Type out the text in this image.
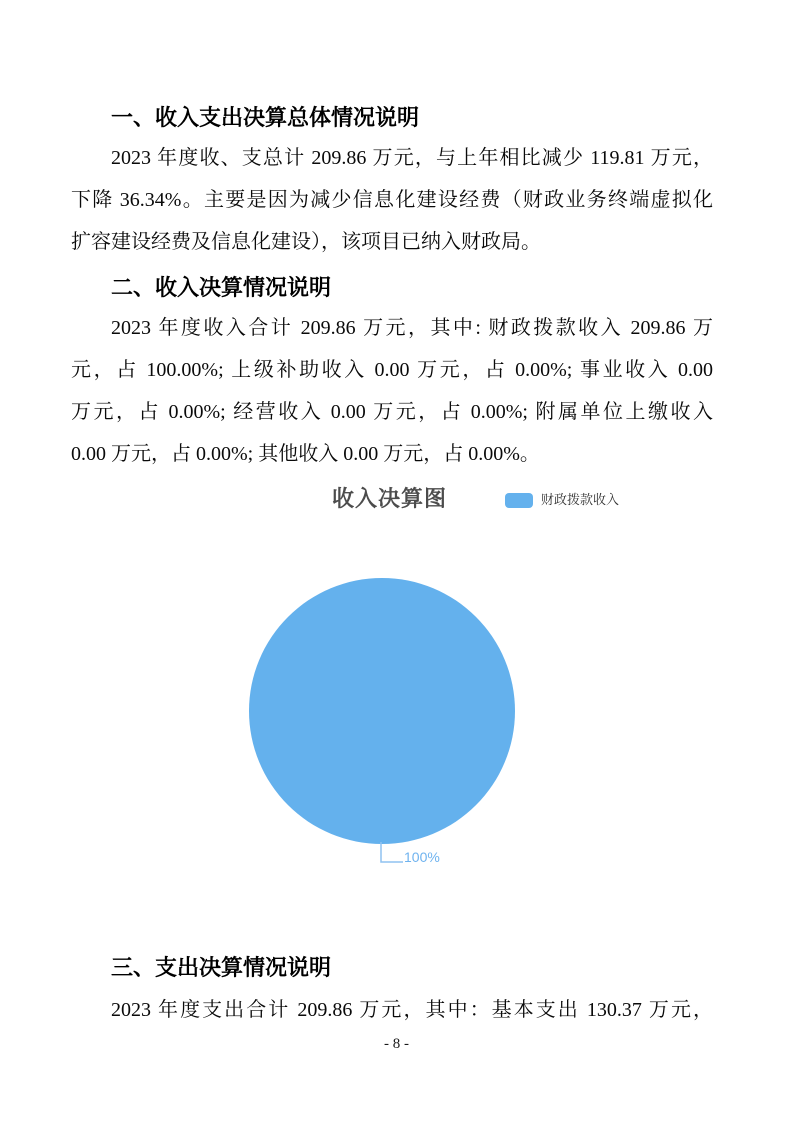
一、收入支出决算总体情况说明
2023 年度收、支总计 209.86 万元，与上年相比减少 119.81 万元，
下降 36.34%。主要是因为减少信息化建设经费（财政业务终端虚拟化
扩容建设经费及信息化建设），该项目已纳入财政局。
二、收入决算情况说明
2023 年度收入合计 209.86 万元，其中: 财政拨款收入 209.86 万
元，占 100.00%; 上级补助收入 0.00 万元，占 0.00%; 事业收入 0.00
万元，占 0.00%; 经营收入 0.00 万元，占 0.00%; 附属单位上缴收入
0.00 万元，占 0.00%; 其他收入 0.00 万元，占 0.00%。
收入决算图	财政拨款收入
100%
三、支出决算情况说明
2023 年度支出合计 209.86 万元，其中：基本支出 130.37 万元，
- 8 -
